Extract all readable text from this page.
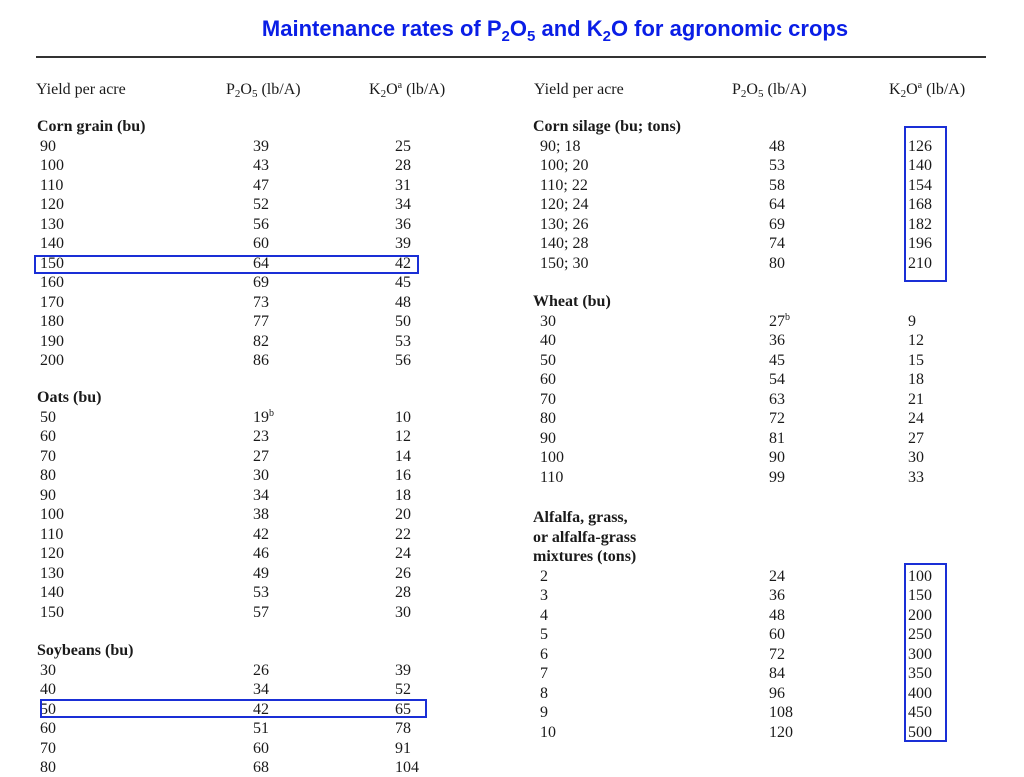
Maintenance rates of $P_2O_5$ and $K_2O$ for agronomic crops
Yield per acre	$P_2O_5$ (lb/A)	$K_2O^a$ (lb/A)	Yield per acre	$P_2O_5$ (lb/A)	$K_2O^a$ (lb/A)
Corn grain (bu)
90	39	25
100	43	28
110	47	31
120	52	34
130	56	36
140	60	39
150	64	42
160	69	45
170	73	48
180	77	50
190	82	53
200	86	56
Oats (bu)
50	19$^b$	10
60	23	12
70	27	14
80	30	16
90	34	18
100	38	20
110	42	22
120	46	24
130	49	26
140	53	28
150	57	30
Soybeans (bu)
30	26	39
40	34	52
50	42	65
60	51	78
70	60	91
80	68	104
Corn silage (bu; tons)
90; 18	48	126
100; 20	53	140
110; 22	58	154
120; 24	64	168
130; 26	69	182
140; 28	74	196
150; 30	80	210
Wheat (bu)
30	27$^b$	9
40	36	12
50	45	15
60	54	18
70	63	21
80	72	24
90	81	27
100	90	30
110	99	33
Alfalfa, grass,
or alfalfa-grass
mixtures (tons)
2	24	100
3	36	150
4	48	200
5	60	250
6	72	300
7	84	350
8	96	400
9	108	450
10	120	500
